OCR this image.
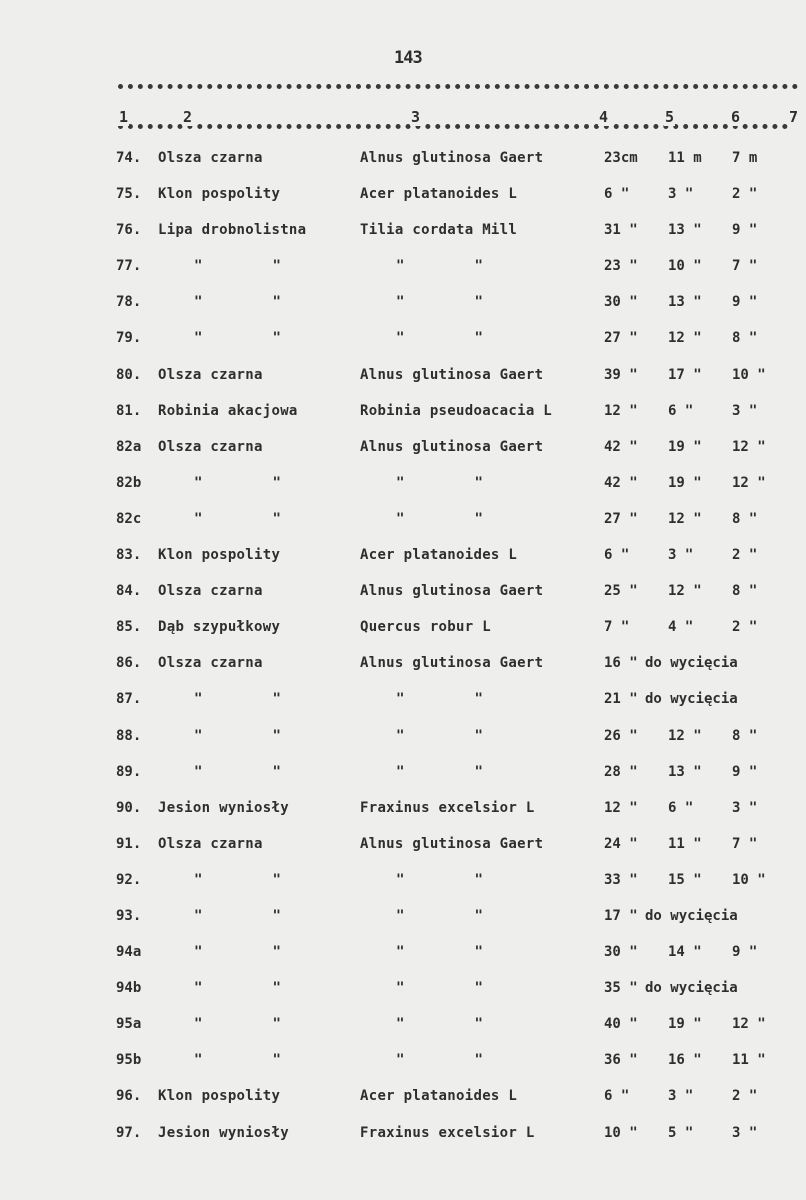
143
1	2	3	4	5	6	7
74. Olsza czarna	Alnus glutinosa Gaert	23cm 11 m 7 m
75. Klon pospolity	Acer platanoides L	6 "	3 "	2 "
76. Lipa drobnolistna	Tilia cordata Mill	31 " 13 " 9 "
77.	"        "	"        "	23 " 10 " 7 "
78.	"        "	"        "	30 " 13 " 9 "
79.	"        "	"        "	27 " 12 " 8 "
80. Olsza czarna	Alnus glutinosa Gaert	39 " 17 " 10 "
81. Robinia akacjowa	Robinia pseudoacacia L	12 " 6 "	3 "
82a Olsza czarna	Alnus glutinosa Gaert	42 " 19 " 12 "
82b	"        "	"        "	42 " 19 " 12 "
82c	"        "	"        "	27 " 12 " 8 "
83. Klon pospolity	Acer platanoides L	6 "	3 "	2 "
84. Olsza czarna	Alnus glutinosa Gaert	25 " 12 " 8 "
85. Dąb szypułkowy	Quercus robur L	7 "	4 "	2 "
86. Olsza czarna	Alnus glutinosa Gaert	16 " do wycięcia
87.	"        "	"        "	21 " do wycięcia
88.	"        "	"        "	26 " 12 " 8 "
89.	"        "	"        "	28 " 13 " 9 "
90. Jesion wyniosły	Fraxinus excelsior L	12 " 6 "	3 "
91. Olsza czarna	Alnus glutinosa Gaert	24 " 11 " 7 "
92.	"        "	"        "	33 " 15 " 10 "
93.	"        "	"        "	17 " do wycięcia
94a	"        "	"        "	30 " 14 " 9 "
94b	"        "	"        "	35 " do wycięcia
95a	"        "	"        "	40 " 19 " 12 "
95b	"        "	"        "	36 " 16 " 11 "
96. Klon pospolity	Acer platanoides L	6 "	3 "	2 "
97. Jesion wyniosły	Fraxinus excelsior L	10 " 5 "	3 "
